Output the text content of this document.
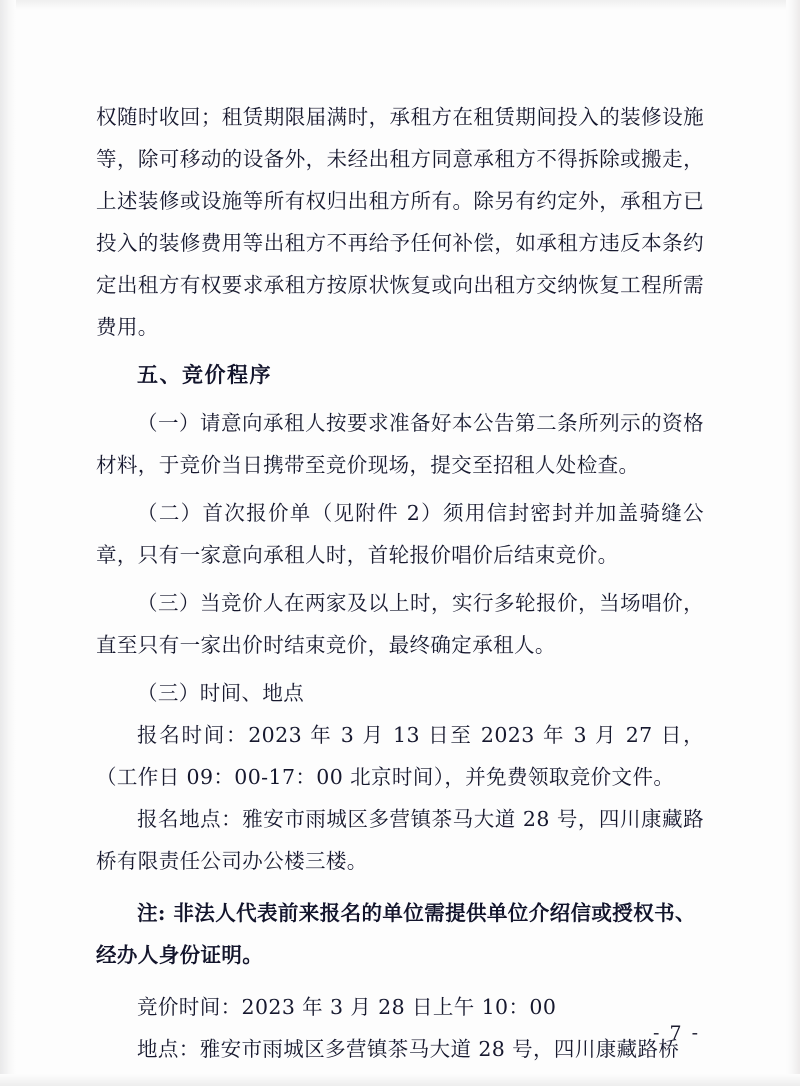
权随时收回；租赁期限届满时，承租方在租赁期间投入的装修设施等，除可移动的设备外，未经出租方同意承租方不得拆除或搬走，上述装修或设施等所有权归出租方所有。除另有约定外，承租方已投入的装修费用等出租方不再给予任何补偿，如承租方违反本条约定出租方有权要求承租方按原状恢复或向出租方交纳恢复工程所需费用。

五、竞价程序

（一）请意向承租人按要求准备好本公告第二条所列示的资格材料，于竞价当日携带至竞价现场，提交至招租人处检查。

（二）首次报价单（见附件 2）须用信封密封并加盖骑缝公章，只有一家意向承租人时，首轮报价唱价后结束竞价。

（三）当竞价人在两家及以上时，实行多轮报价，当场唱价，直至只有一家出价时结束竞价，最终确定承租人。

（三）时间、地点

报名时间：2023 年 3 月 13 日至 2023 年 3 月 27 日，（工作日 09：00-17：00 北京时间），并免费领取竞价文件。

报名地点：雅安市雨城区多营镇茶马大道 28 号，四川康藏路桥有限责任公司办公楼三楼。

注: 非法人代表前来报名的单位需提供单位介绍信或授权书、经办人身份证明。

竞价时间：2023 年 3 月 28 日上午 10：00

地点：雅安市雨城区多营镇茶马大道 28 号，四川康藏路桥

- 7 -
